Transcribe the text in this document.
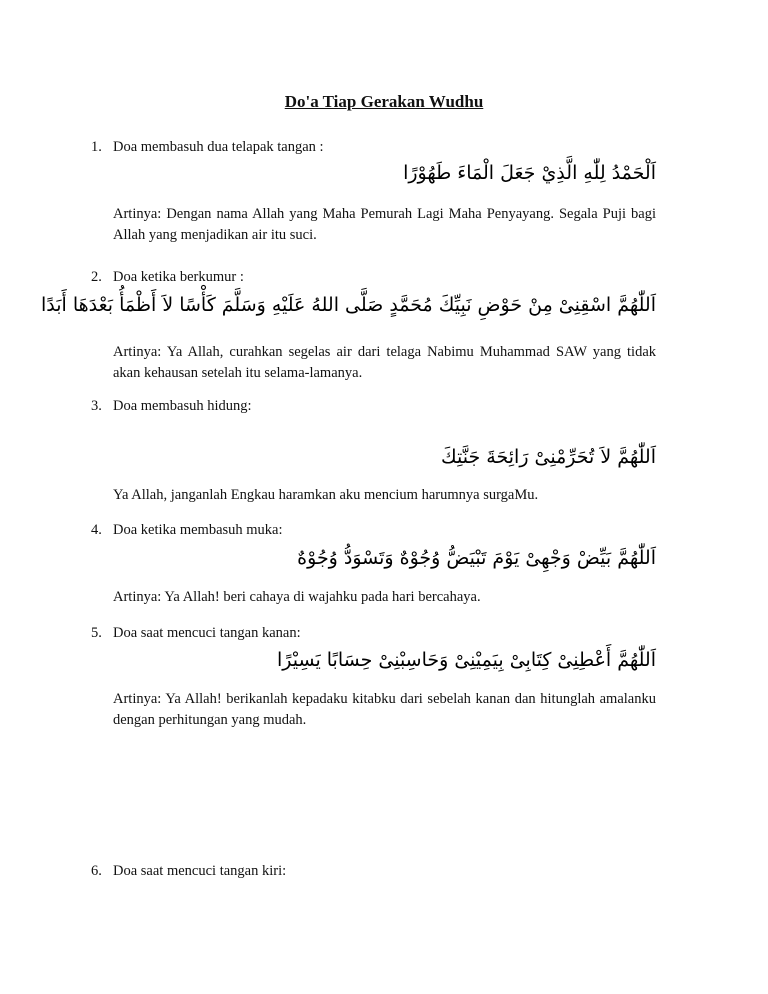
Do'a Tiap Gerakan Wudhu
1. Doa membasuh dua telapak tangan :
اَلْحَمْدُ لِلّٰهِ الَّذِيْ جَعَلَ الْمَاءَ طَهُوْرًا
Artinya: Dengan nama Allah yang Maha Pemurah Lagi Maha Penyayang. Segala Puji bagi Allah yang menjadikan air itu suci.
2. Doa ketika berkumur :
اَللّٰهُمَّ اسْقِنِىْ مِنْ حَوْضِ نَبِيِّكَ مُحَمَّدٍ صَلَّى اللهُ عَلَيْهِ وَسَلَّمَ كَأْسًا لاَ أَظْمَأُ بَعْدَهَا أَبَدًا
Artinya: Ya Allah, curahkan segelas air dari telaga Nabimu Muhammad SAW yang tidak akan kehausan setelah itu selama-lamanya.
3. Doa membasuh hidung:
اَللّٰهُمَّ لاَ تُحَرِّمْنِىْ رَائِحَةَ جَنَّتِكَ
Ya Allah, janganlah Engkau haramkan aku mencium harumnya surgaMu.
4. Doa ketika membasuh muka:
اَللّٰهُمَّ بَيِّضْ وَجْهِىْ يَوْمَ تَبْيَضُّ وُجُوْهٌ وَتَسْوَدُّ وُجُوْهٌ
Artinya: Ya Allah! beri cahaya di wajahku pada hari bercahaya.
5. Doa saat mencuci tangan kanan:
اَللّٰهُمَّ أَعْطِنِىْ كِتَابِىْ بِيَمِيْنِىْ وَحَاسِبْنِىْ حِسَابًا يَسِيْرًا
Artinya: Ya Allah! berikanlah kepadaku kitabku dari sebelah kanan dan hitunglah amalanku dengan perhitungan yang mudah.
6. Doa saat mencuci tangan kiri:
